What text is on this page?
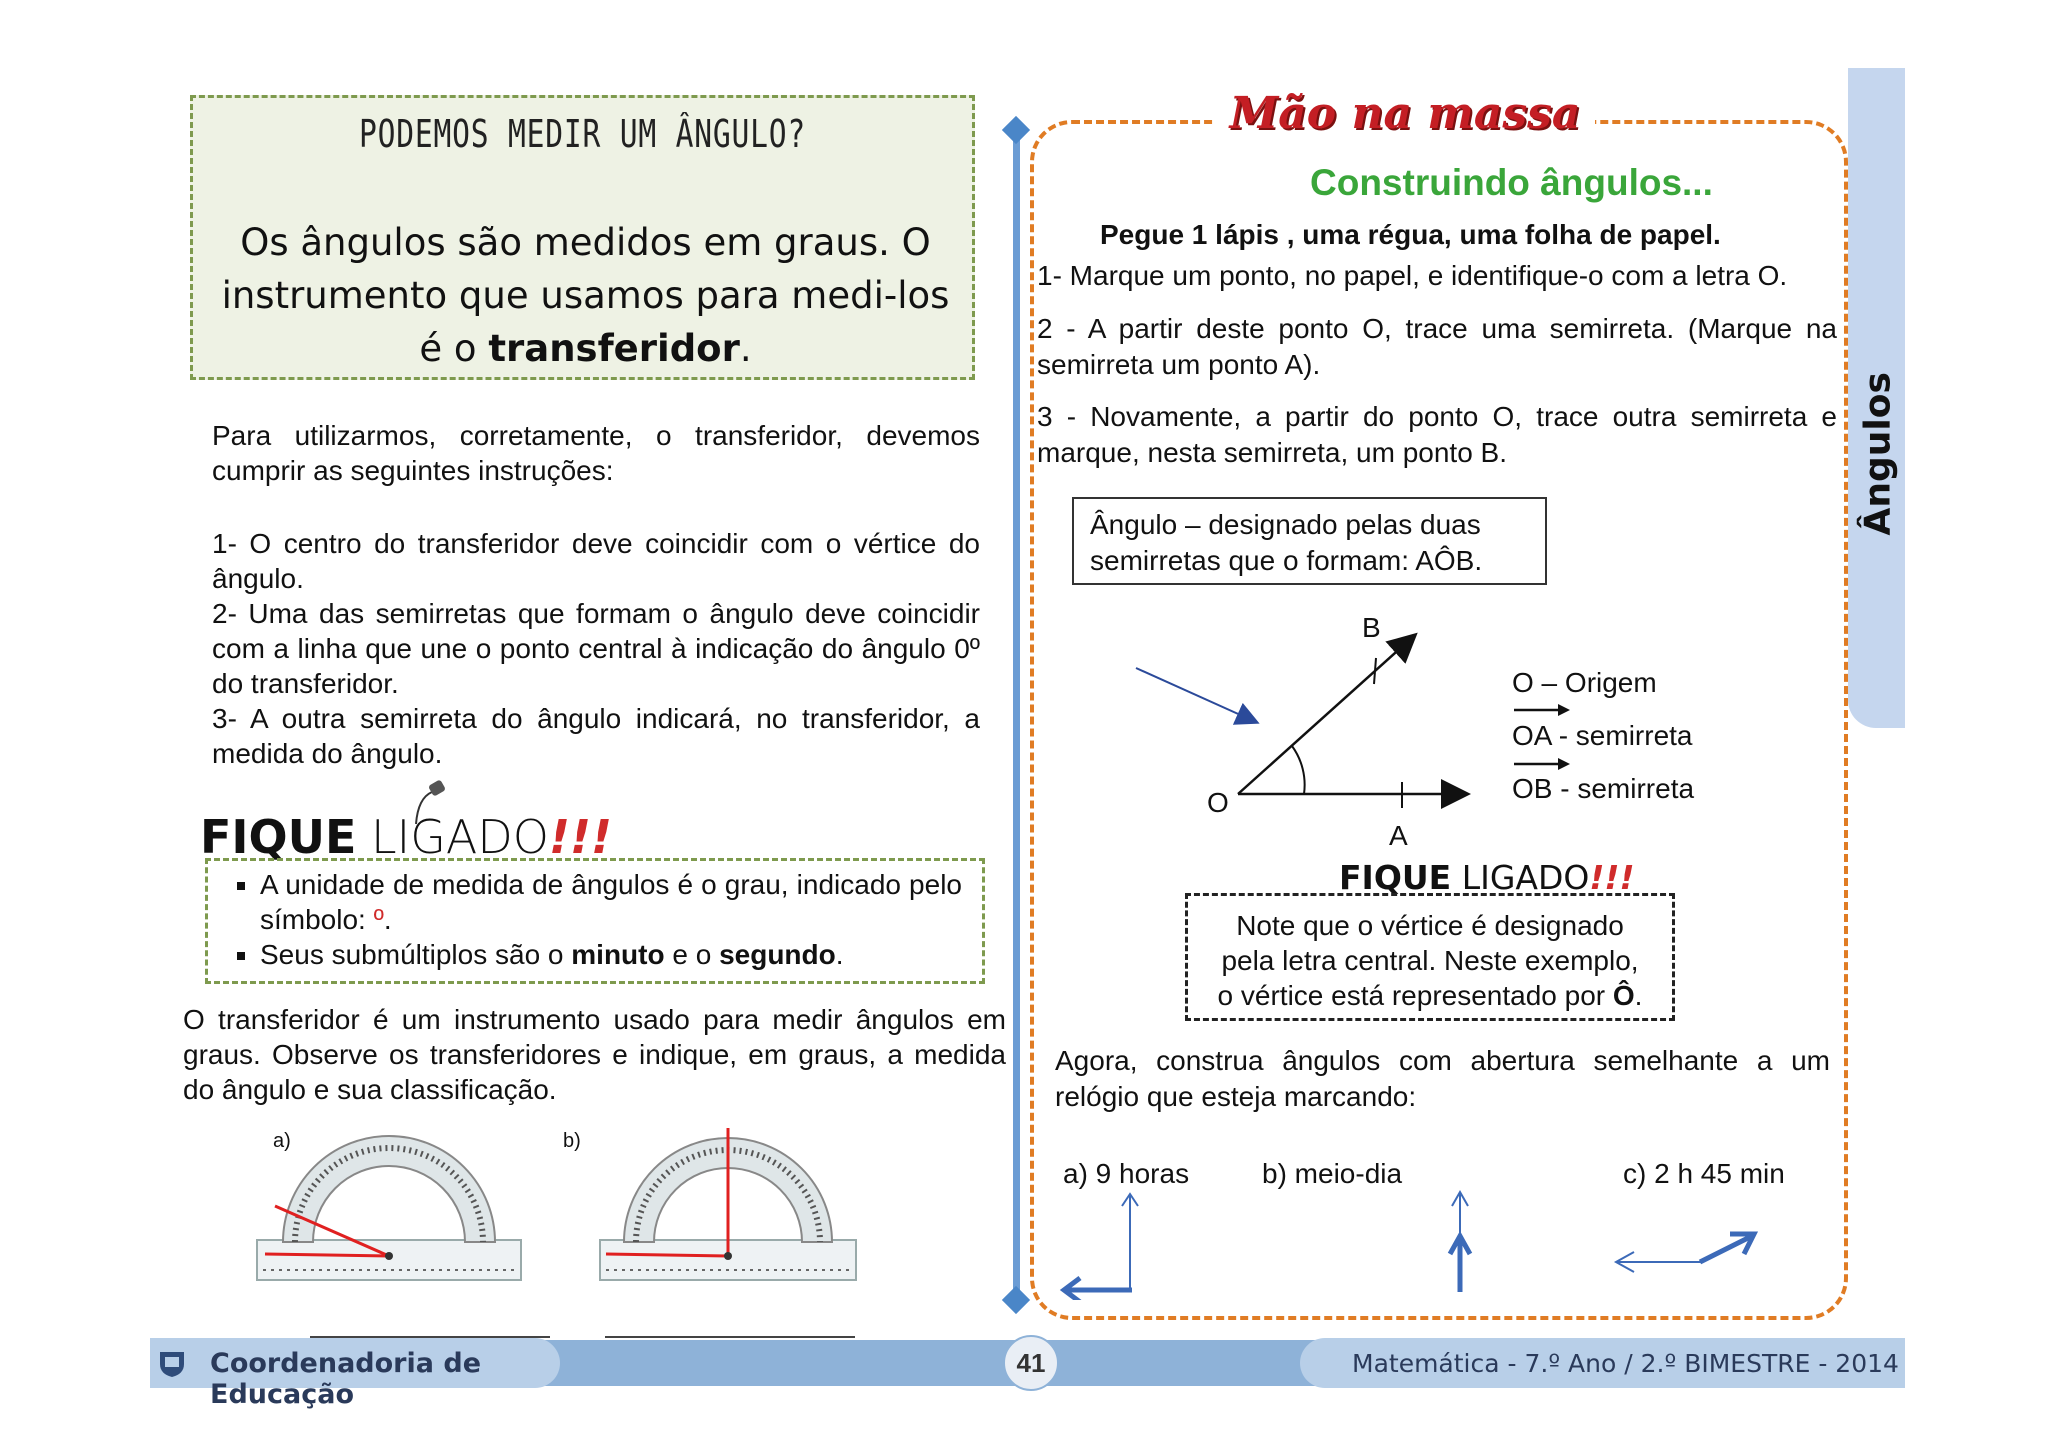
PODEMOS MEDIR UM ÂNGULO?
Os ângulos são medidos em graus. O instrumento que usamos para medi-los é o transferidor.
Para utilizarmos, corretamente, o transferidor, devemos cumprir as seguintes instruções:
1- O centro do transferidor deve coincidir com o vértice do ângulo.
2- Uma das semirretas que formam o ângulo deve coincidir com a linha que une o ponto central à indicação do ângulo 0º do transferidor.
3- A outra semirreta do ângulo indicará, no transferidor, a medida do ângulo.
FIQUE LIGADO!!!
▪ A unidade de medida de ângulos é o grau, indicado pelo símbolo: º.
▪ Seus submúltiplos são o minuto e o segundo.
O transferidor é um instrumento usado para medir ângulos em graus. Observe os transferidores e indique, em graus, a medida do ângulo e sua classificação.
a)	b)
Mão na massa
Construindo ângulos...
Pegue 1 lápis , uma régua, uma folha de papel.
1- Marque um ponto, no papel, e identifique-o com a letra O.
2 - A partir deste ponto O, trace uma semirreta. (Marque na semirreta um ponto A).
3 - Novamente, a partir do ponto O, trace outra semirreta e marque, nesta semirreta, um ponto B.
Ângulo – designado pelas duas
semirretas que o formam: AÔB.
B
O
A
O – Origem
OA - semirreta
OB - semirreta
FIQUE LIGADO!!!
Note que o vértice é designado
pela letra central. Neste exemplo,
o vértice está representado por Ô.
Agora, construa ângulos com abertura semelhante a um relógio que esteja marcando:
a) 9 horas	b) meio-dia	c) 2 h 45 min
Ângulos
Coordenadoria de Educação
41	Matemática - 7.º Ano / 2.º BIMESTRE - 2014
